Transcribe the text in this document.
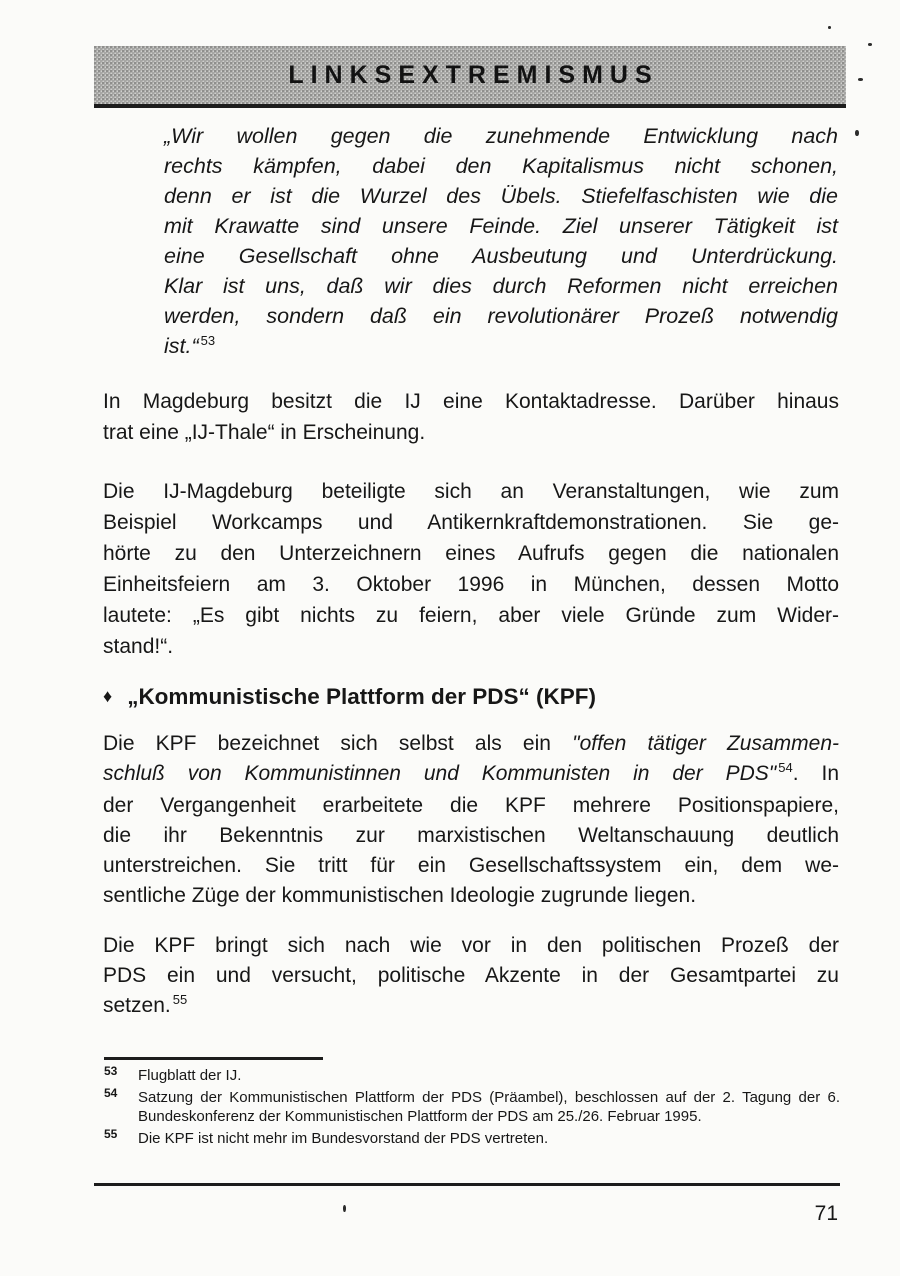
LINKSEXTREMISMUS
„Wir wollen gegen die zunehmende Entwicklung nach
rechts kämpfen, dabei den Kapitalismus nicht schonen,
denn er ist die Wurzel des Übels. Stiefelfaschisten wie die
mit Krawatte sind unsere Feinde. Ziel unserer Tätigkeit ist
eine Gesellschaft ohne Ausbeutung und Unterdrückung.
Klar ist uns, daß wir dies durch Reformen nicht erreichen
werden, sondern daß ein revolutionärer Prozeß notwendig
ist.“ $^{53}$
In Magdeburg besitzt die IJ eine Kontaktadresse. Darüber hinaus
trat eine „IJ-Thale“ in Erscheinung.
Die IJ-Magdeburg beteiligte sich an Veranstaltungen, wie zum
Beispiel Workcamps und Antikernkraftdemonstrationen. Sie ge-
hörte zu den Unterzeichnern eines Aufrufs gegen die nationalen
Einheitsfeiern am 3. Oktober 1996 in München, dessen Motto
lautete: „Es gibt nichts zu feiern, aber viele Gründe zum Wider-
stand!“.
♦ „Kommunistische Plattform der PDS“ (KPF)
Die KPF bezeichnet sich selbst als ein "offen tätiger Zusammen-
schluß von Kommunistinnen und Kommunisten in der PDS" $^{54}$. In
der Vergangenheit erarbeitete die KPF mehrere Positionspapiere,
die ihr Bekenntnis zur marxistischen Weltanschauung deutlich
unterstreichen. Sie tritt für ein Gesellschaftssystem ein, dem we-
sentliche Züge der kommunistischen Ideologie zugrunde liegen.
Die KPF bringt sich nach wie vor in den politischen Prozeß der
PDS ein und versucht, politische Akzente in der Gesamtpartei zu
setzen. $^{55}$
53	Flugblatt der IJ.
54	Satzung der Kommunistischen Plattform der PDS (Präambel), beschlossen auf der 2. Tagung der 6. Bundeskonferenz der Kommunistischen Plattform der PDS am 25./26. Februar 1995.
55	Die KPF ist nicht mehr im Bundesvorstand der PDS vertreten.
71
